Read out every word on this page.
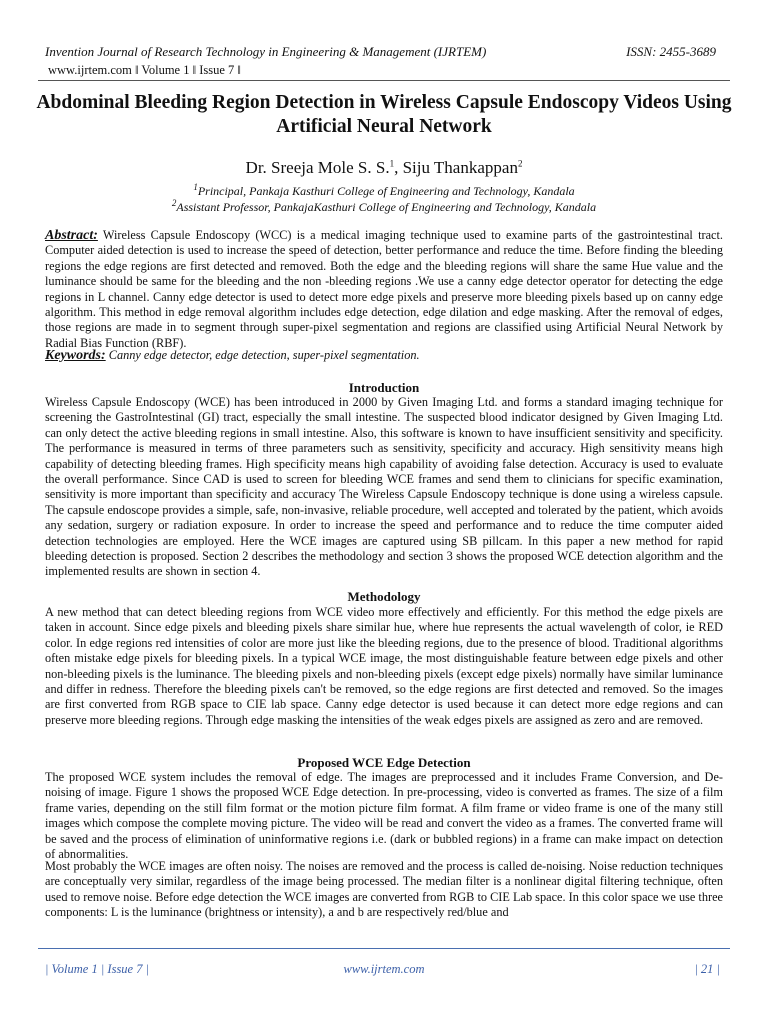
Invention Journal of Research Technology in Engineering & Management (IJRTEM)	ISSN: 2455-3689
www.ijrtem.com ǁ Volume 1 ǁ Issue 7 ǁ
Abdominal Bleeding Region Detection in Wireless Capsule Endoscopy Videos Using Artificial Neural Network
Dr. Sreeja Mole S. S.$^1$, Siju Thankappan$^2$
$^1$Principal, Pankaja Kasthuri College of Engineering and Technology, Kandala
$^2$Assistant Professor, PankajaKasthuri College of Engineering and Technology, Kandala
Abstract: Wireless Capsule Endoscopy (WCC) is a medical imaging technique used to examine parts of the gastrointestinal tract. Computer aided detection is used to increase the speed of detection, better performance and reduce the time. Before finding the bleeding regions the edge regions are first detected and removed. Both the edge and the bleeding regions will share the same Hue value and the luminance should be same for the bleeding and the non -bleeding regions .We use a canny edge detector operator for detecting the edge regions in L channel. Canny edge detector is used to detect more edge pixels and preserve more bleeding pixels based up on canny edge algorithm. This method in edge removal algorithm includes edge detection, edge dilation and edge masking. After the removal of edges, those regions are made in to segment through super-pixel segmentation and regions are classified using Artificial Neural Network by Radial Bias Function (RBF).
Keywords: Canny edge detector, edge detection, super-pixel segmentation.
Introduction
Wireless Capsule Endoscopy (WCE) has been introduced in 2000 by Given Imaging Ltd. and forms a standard imaging technique for screening the GastroIntestinal (GI) tract, especially the small intestine. The suspected blood indicator designed by Given Imaging Ltd. can only detect the active bleeding regions in small intestine. Also, this software is known to have insufficient sensitivity and specificity. The performance is measured in terms of three parameters such as sensitivity, specificity and accuracy. High sensitivity means high capability of detecting bleeding frames. High specificity means high capability of avoiding false detection. Accuracy is used to evaluate the overall performance. Since CAD is used to screen for bleeding WCE frames and send them to clinicians for specific examination, sensitivity is more important than specificity and accuracy The Wireless Capsule Endoscopy technique is done using a wireless capsule. The capsule endoscope provides a simple, safe, non-invasive, reliable procedure, well accepted and tolerated by the patient, which avoids any sedation, surgery or radiation exposure. In order to increase the speed and performance and to reduce the time computer aided detection technologies are employed. Here the WCE images are captured using SB pillcam. In this paper a new method for rapid bleeding detection is proposed. Section 2 describes the methodology and section 3 shows the proposed WCE detection algorithm and the implemented results are shown in section 4.
Methodology
A new method that can detect bleeding regions from WCE video more effectively and efficiently. For this method the edge pixels are taken in account. Since edge pixels and bleeding pixels share similar hue, where hue represents the actual wavelength of color, ie RED color. In edge regions red intensities of color are more just like the bleeding regions, due to the presence of blood. Traditional algorithms often mistake edge pixels for bleeding pixels. In a typical WCE image, the most distinguishable feature between edge pixels and other non-bleeding pixels is the luminance. The bleeding pixels and non-bleeding pixels (except edge pixels) normally have similar luminance and differ in redness. Therefore the bleeding pixels can't be removed, so the edge regions are first detected and removed. So the images are first converted from RGB space to CIE lab space. Canny edge detector is used because it can detect more edge regions and can preserve more bleeding regions. Through edge masking the intensities of the weak edges pixels are assigned as zero and are removed.
Proposed WCE Edge Detection
The proposed WCE system includes the removal of edge. The images are preprocessed and it includes Frame Conversion, and De-noising of image. Figure 1 shows the proposed WCE Edge detection. In pre-processing, video is converted as frames. The size of a film frame varies, depending on the still film format or the motion picture film format. A film frame or video frame is one of the many still images which compose the complete moving picture. The video will be read and convert the video as a frames. The converted frame will be saved and the process of elimination of uninformative regions i.e. (dark or bubbled regions) in a frame can make impact on detection of abnormalities.
Most probably the WCE images are often noisy. The noises are removed and the process is called de-noising. Noise reduction techniques are conceptually very similar, regardless of the image being processed. The median filter is a nonlinear digital filtering technique, often used to remove noise. Before edge detection the WCE images are converted from RGB to CIE Lab space. In this color space we use three components: L is the luminance (brightness or intensity), a and b are respectively red/blue and
| Volume 1 | Issue 7 |	www.ijrtem.com	| 21 |
